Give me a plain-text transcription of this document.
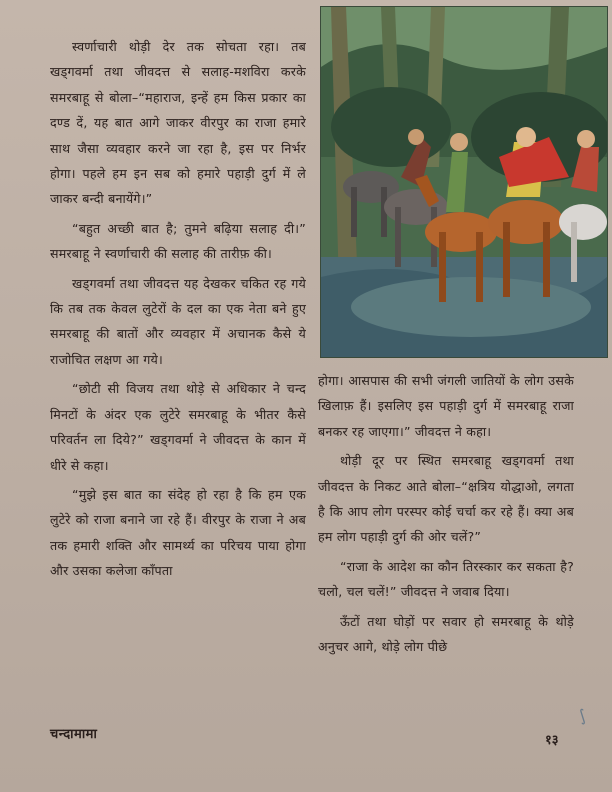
स्वर्णाचारी थोड़ी देर तक सोचता रहा। तब खड्गवर्मा तथा जीवदत्त से सलाह-मशविरा करके समरबाहू से बोला–“महाराज, इन्हें हम किस प्रकार का दण्ड दें, यह बात आगे जाकर वीरपुर का राजा हमारे साथ जैसा व्यवहार करने जा रहा है, इस पर निर्भर होगा। पहले हम इन सब को हमारे पहाड़ी दुर्ग में ले जाकर बन्दी बनायेंगे।”

“बहुत अच्छी बात है; तुमने बढ़िया सलाह दी।” समरबाहू ने स्वर्णाचारी की सलाह की तारीफ़ की।

खड्गवर्मा तथा जीवदत्त यह देखकर चकित रह गये कि तब तक केवल लुटेरों के दल का एक नेता बने हुए समरबाहू की बातों और व्यवहार में अचानक कैसे ये राजोचित लक्षण आ गये।

“छोटी सी विजय तथा थोड़े से अधिकार ने चन्द मिनटों के अंदर एक लुटेरे समरबाहू के भीतर कैसे परिवर्तन ला दिये?” खड्गवर्मा ने जीवदत्त के कान में धीरे से कहा।

“मुझे इस बात का संदेह हो रहा है कि हम एक लुटेरे को राजा बनाने जा रहे हैं। वीरपुर के राजा ने अब तक हमारी शक्ति और सामर्थ्य का परिचय पाया होगा और उसका कलेजा काँपता

होगा। आसपास की सभी जंगली जातियों के लोग उसके खिलाफ़ हैं। इसलिए इस पहाड़ी दुर्ग में समरबाहू राजा बनकर रह जाएगा।” जीवदत्त ने कहा।

थोड़ी दूर पर स्थित समरबाहू खड्गवर्मा तथा जीवदत्त के निकट आते बोला–“क्षत्रिय योद्धाओ, लगता है कि आप लोग परस्पर कोई चर्चा कर रहे हैं। क्या अब हम लोग पहाड़ी दुर्ग की ओर चलें?”

“राजा के आदेश का कौन तिरस्कार कर सकता है? चलो, चल चलें!” जीवदत्त ने जवाब दिया।

ऊँटों तथा घोड़ों पर सवार हो समरबाहू के थोड़े अनुचर आगे, थोड़े लोग पीछे

चन्दामामा	१३
∫
